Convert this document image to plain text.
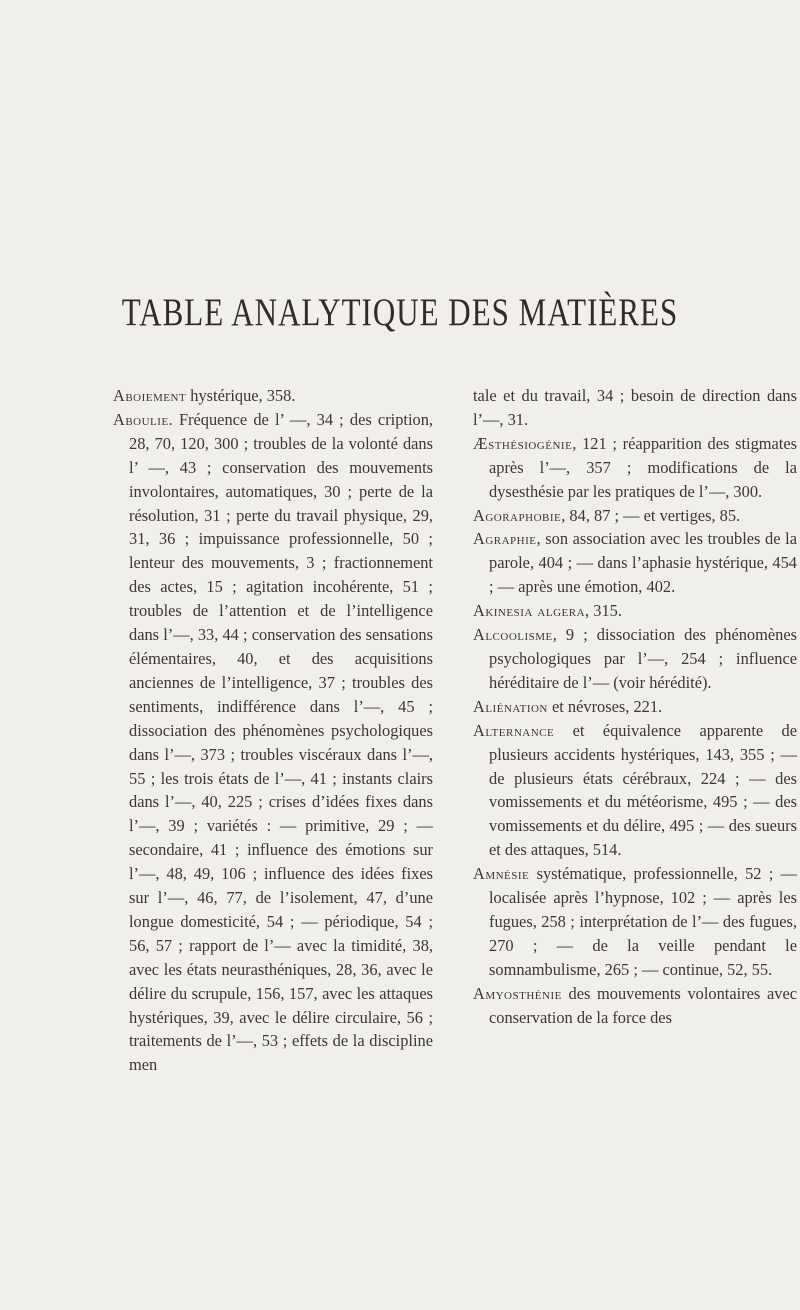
TABLE ANALYTIQUE DES MATIÈRES

Aboiement hystérique, 358.

Aboulie. Fréquence de l’ —, 34 ; des cription, 28, 70, 120, 300 ; troubles de la volonté dans l’ —, 43 ; conservation des mouvements involontaires, automatiques, 30 ; perte de la résolution, 31 ; perte du travail physique, 29, 31, 36 ; impuissance professionnelle, 50 ; lenteur des mouvements, 3 ; fractionnement des actes, 15 ; agitation incohérente, 51 ; troubles de l’attention et de l’intelligence dans l’—, 33, 44 ; conservation des sensations élémentaires, 40, et des acquisitions anciennes de l’intelligence, 37 ; troubles des sentiments, indifférence dans l’—, 45 ; dissociation des phénomènes psychologiques dans l’—, 373 ; troubles viscéraux dans l’—, 55 ; les trois états de l’—, 41 ; instants clairs dans l’—, 40, 225 ; crises d’idées fixes dans l’—, 39 ; variétés : — primitive, 29 ; — secondaire, 41 ; influence des émotions sur l’—, 48, 49, 106 ; influence des idées fixes sur l’—, 46, 77, de l’isolement, 47, d’une longue domesticité, 54 ; — périodique, 54 ; 56, 57 ; rapport de l’— avec la timidité, 38, avec les états neurasthéniques, 28, 36, avec le délire du scrupule, 156, 157, avec les attaques hystériques, 39, avec le délire circulaire, 56 ; traitements de l’—, 53 ; effets de la discipline men

tale et du travail, 34 ; besoin de direction dans l’—, 31.

Æsthésiogénie, 121 ; réapparition des stigmates après l’—, 357 ; modifications de la dysesthésie par les pratiques de l’—, 300.

Agoraphobie, 84, 87 ; — et vertiges, 85.

Agraphie, son association avec les troubles de la parole, 404 ; — dans l’aphasie hystérique, 454 ; — après une émotion, 402.

Akinesia algera, 315.

Alcoolisme, 9 ; dissociation des phénomènes psychologiques par l’—, 254 ; influence héréditaire de l’— (voir hérédité).

Aliénation et névroses, 221.

Alternance et équivalence apparente de plusieurs accidents hystériques, 143, 355 ; — de plusieurs états cérébraux, 224 ; — des vomissements et du météorisme, 495 ; — des vomissements et du délire, 495 ; — des sueurs et des attaques, 514.

Amnésie systématique, professionnelle, 52 ; — localisée après l’hypnose, 102 ; — après les fugues, 258 ; interprétation de l’— des fugues, 270 ; — de la veille pendant le somnambulisme, 265 ; — continue, 52, 55.

Amyosthénie des mouvements volontaires avec conservation de la force des
